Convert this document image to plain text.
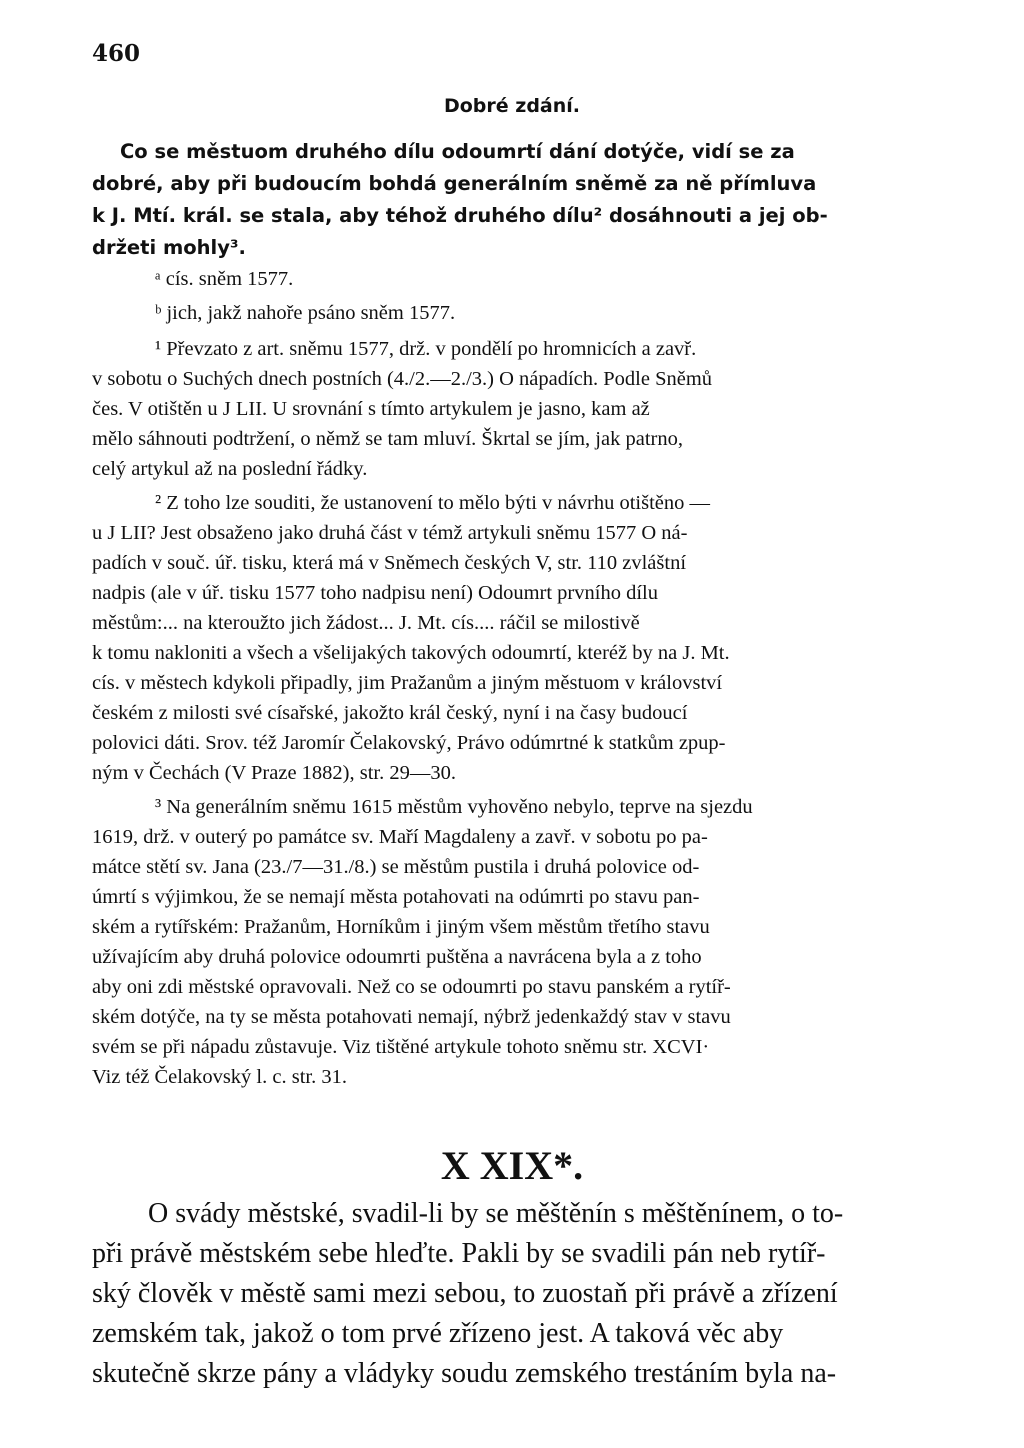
460
Dobré zdání.
Co se městuom druhého dílu odoumrtí dání dotýče, vidí se za
dobré, aby při budoucím bohdá generálním sněmě za ně přímluva
k J. Mtí. král. se stala, aby téhož druhého dílu² dosáhnouti a jej ob-
držeti mohly³.
ᵃ cís. sněm 1577.
ᵇ jich, jakž nahoře psáno sněm 1577.
¹ Převzato z art. sněmu 1577, drž. v pondělí po hromnicích a zavř.
v sobotu o Suchých dnech postních (4./2.—2./3.) O nápadích. Podle Sněmů
čes. V otištěn u J LII. U srovnání s tímto artykulem je jasno, kam až
mělo sáhnouti podtržení, o němž se tam mluví. Škrtal se jím, jak patrno,
celý artykul až na poslední řádky.
² Z toho lze souditi, že ustanovení to mělo býti v návrhu otištěno —
u J LII? Jest obsaženo jako druhá část v témž artykuli sněmu 1577 O ná-
padích v souč. úř. tisku, která má v Sněmech českých V, str. 110 zvláštní
nadpis (ale v úř. tisku 1577 toho nadpisu není) Odoumrt prvního dílu
městům:... na kteroužto jich žádost... J. Mt. cís.... ráčil se milostivě
k tomu nakloniti a všech a všelijakých takových odoumrtí, kteréž by na J. Mt.
cís. v městech kdykoli připadly, jim Pražanům a jiným městuom v království
českém z milosti své císařské, jakožto král český, nyní i na časy budoucí
polovici dáti. Srov. též Jaromír Čelakovský, Právo odúmrtné k statkům zpup-
ným v Čechách (V Praze 1882), str. 29—30.
³ Na generálním sněmu 1615 městům vyhověno nebylo, teprve na sjezdu
1619, drž. v outerý po památce sv. Maří Magdaleny a zavř. v sobotu po pa-
mátce stětí sv. Jana (23./7—31./8.) se městům pustila i druhá polovice od-
úmrtí s výjimkou, že se nemají města potahovati na odúmrti po stavu pan-
ském a rytířském: Pražanům, Horníkům i jiným všem městům třetího stavu
užívajícím aby druhá polovice odoumrti puštěna a navrácena byla a z toho
aby oni zdi městské opravovali. Než co se odoumrti po stavu panském a rytíř-
ském dotýče, na ty se města potahovati nemají, nýbrž jedenkaždý stav v stavu
svém se při nápadu zůstavuje. Viz tištěné artykule tohoto sněmu str. XCVI·
Viz též Čelakovský l. c. str. 31.
X XIX*.
O svády městské, svadil-li by se měštěnín s měštěnínem, o to-
při právě městském sebe hleďte. Pakli by se svadili pán neb rytíř-
ský člověk v městě sami mezi sebou, to zuostaň při právě a zřízení
zemském tak, jakož o tom prvé zřízeno jest. A taková věc aby
skutečně skrze pány a vládyky soudu zemského trestáním byla na-
